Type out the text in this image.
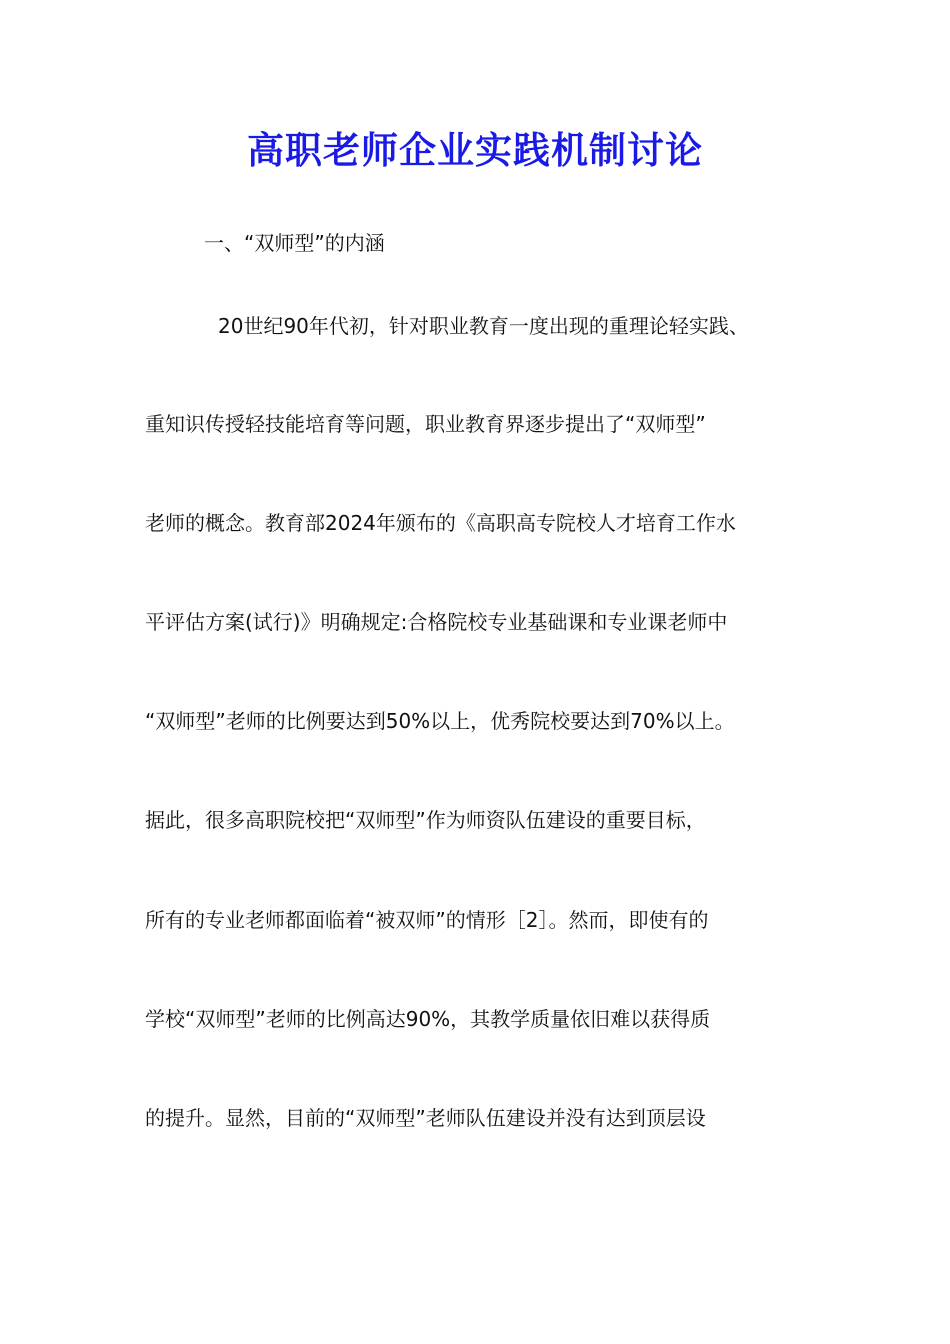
高职老师企业实践机制讨论

一、“双师型”的内涵

20世纪90年代初，针对职业教育一度出现的重理论轻实践、

重知识传授轻技能培育等问题，职业教育界逐步提出了“双师型”

老师的概念。教育部2024年颁布的《高职高专院校人才培育工作水

平评估方案(试行)》明确规定:合格院校专业基础课和专业课老师中

“双师型”老师的比例要达到50%以上，优秀院校要达到70%以上。

据此，很多高职院校把“双师型”作为师资队伍建设的重要目标，

所有的专业老师都面临着“被双师”的情形［2］。然而，即使有的

学校“双师型”老师的比例高达90%，其教学质量依旧难以获得质

的提升。显然，目前的“双师型”老师队伍建设并没有达到顶层设
